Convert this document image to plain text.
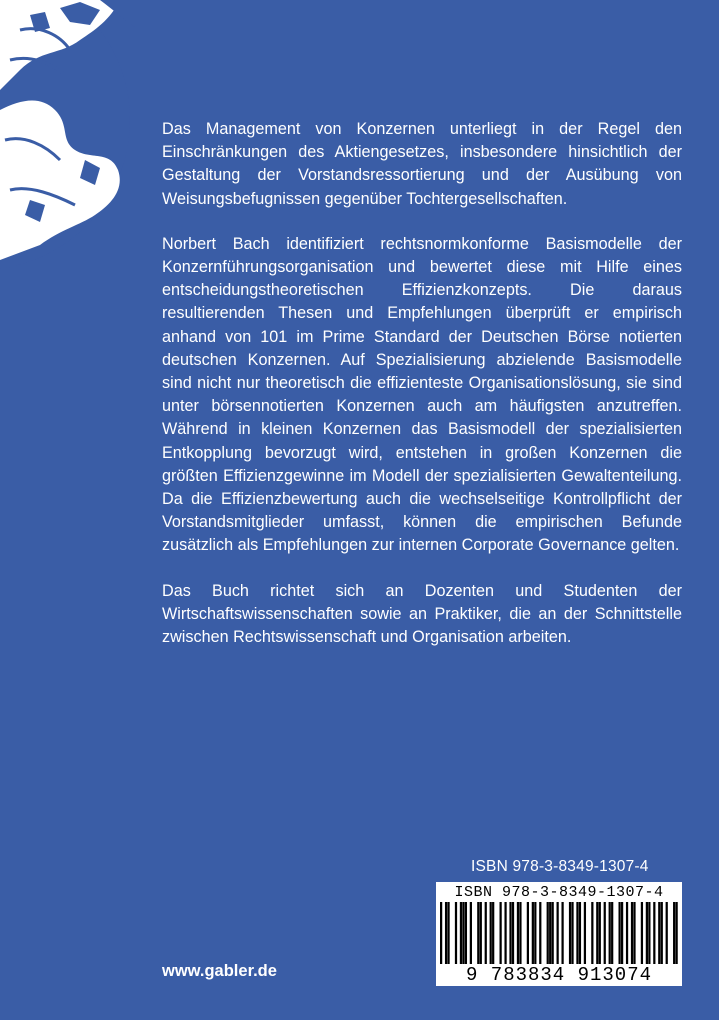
Das Management von Konzernen unterliegt in der Regel den Einschränkungen des Aktiengesetzes, insbesondere hinsichtlich der Gestaltung der Vorstandsressortierung und der Ausübung von Weisungsbefugnissen gegenüber Tochtergesellschaften.

Norbert Bach identifiziert rechtsnormkonforme Basismodelle der Konzernführungsorganisation und bewertet diese mit Hilfe eines entscheidungstheoretischen Effizienzkonzepts. Die daraus resultierenden Thesen und Empfehlungen überprüft er empirisch anhand von 101 im Prime Standard der Deutschen Börse notierten deutschen Konzernen. Auf Spezialisierung abzielende Basismodelle sind nicht nur theoretisch die effizienteste Organisationslösung, sie sind unter börsennotierten Konzernen auch am häufigsten anzutreffen. Während in kleinen Konzernen das Basismodell der spezialisierten Entkopplung bevorzugt wird, entstehen in großen Konzernen die größten Effizienzgewinne im Modell der spezialisierten Gewaltenteilung. Da die Effizienzbewertung auch die wechselseitige Kontrollpflicht der Vorstandsmitglieder umfasst, können die empirischen Befunde zusätzlich als Empfehlungen zur internen Corporate Governance gelten.

Das Buch richtet sich an Dozenten und Studenten der Wirtschaftswissenschaften sowie an Praktiker, die an der Schnittstelle zwischen Rechtswissenschaft und Organisation arbeiten.

ISBN 978-3-8349-1307-4
ISBN 978-3-8349-1307-4
9 783834 913074
www.gabler.de
